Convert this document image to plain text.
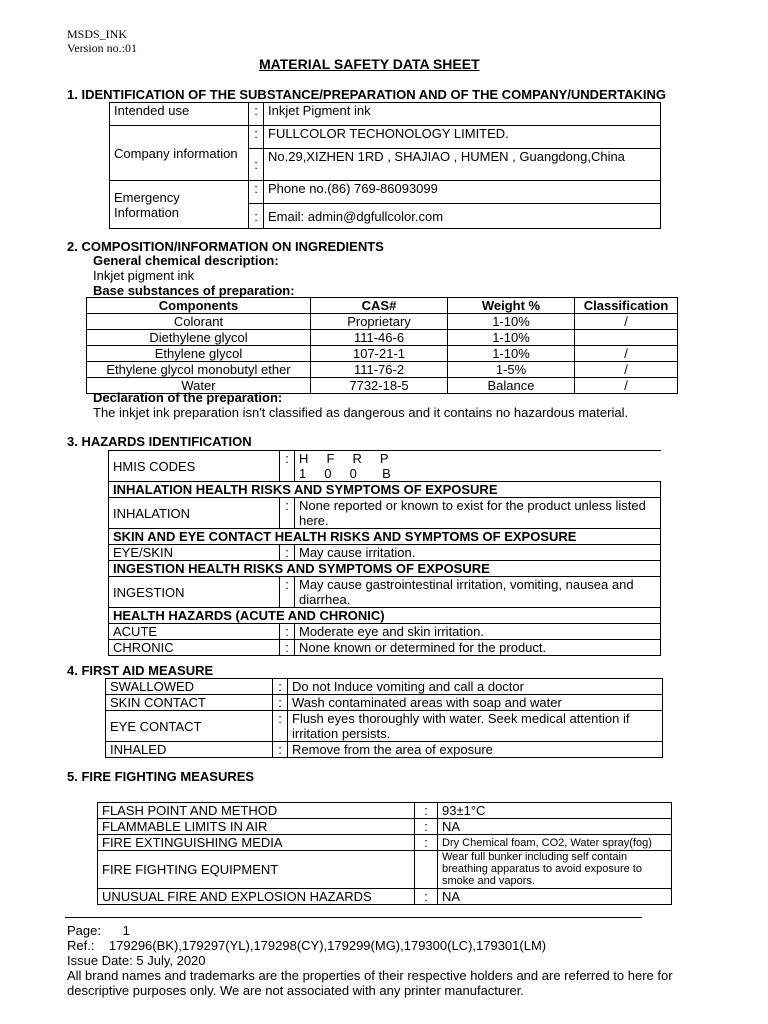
MSDS_INK
Version no.:01
MATERIAL SAFETY DATA SHEET
1. IDENTIFICATION OF THE SUBSTANCE/PREPARATION AND OF THE COMPANY/UNDERTAKING
Intended use	:	Inkjet Pigment ink
Company information	:	FULLCOLOR TECHONOLOGY LIMITED.
	:	No.29,XIZHEN 1RD , SHAJIAO , HUMEN , Guangdong,China
Emergency Information	:	Phone no.(86) 769-86093099
	:	Email: admin@dgfullcolor.com
2. COMPOSITION/INFORMATION ON INGREDIENTS
General chemical description:
Inkjet pigment ink
Base substances of preparation:
Components	CAS#	Weight %	Classification
Colorant	Proprietary	1-10%	/
Diethylene glycol	111-46-6	1-10%	
Ethylene glycol	107-21-1	1-10%	/
Ethylene glycol monobutyl ether	111-76-2	1-5%	/
Water	7732-18-5	Balance	/
Declaration of the preparation:
The inkjet ink preparation isn't classified as dangerous and it contains no hazardous material.
3. HAZARDS IDENTIFICATION
HMIS CODES	:	H     F     R     P
1     0     0       B

INHALATION HEALTH RISKS AND SYMPTOMS OF EXPOSURE		
INHALATION	:	None reported or known to exist for the product unless listed here.
SKIN AND EYE CONTACT HEALTH RISKS AND SYMPTOMS OF EXPOSURE		
EYE/SKIN	:	May cause irritation.
INGESTION HEALTH RISKS AND SYMPTOMS OF EXPOSURE		
INGESTION	:	May cause gastrointestinal irritation, vomiting, nausea and diarrhea.
HEALTH HAZARDS (ACUTE AND CHRONIC)		
ACUTE	:	Moderate eye and skin irritation.
CHRONIC	:	None known or determined for the product.
4. FIRST AID MEASURE
SWALLOWED	:	Do not Induce vomiting and call a doctor
SKIN CONTACT	:	Wash contaminated areas with soap and water
EYE CONTACT	:	Flush eyes thoroughly with water. Seek medical attention if irritation persists.
INHALED	:	Remove from the area of exposure
5. FIRE FIGHTING MEASURES
FLASH POINT AND METHOD	:	93±1°C
FLAMMABLE LIMITS IN AIR	:	NA
FIRE EXTINGUISHING MEDIA	:	Dry Chemical foam, CO2, Water spray(fog)
FIRE FIGHTING EQUIPMENT		Wear full bunker including self contain breathing apparatus to avoid exposure to smoke and vapors.
UNUSUAL FIRE AND EXPLOSION HAZARDS	:	NA
Page:      1
Ref.:    179296(BK),179297(YL),179298(CY),179299(MG),179300(LC),179301(LM)
Issue Date: 5 July, 2020
All brand names and trademarks are the properties of their respective holders and are referred to here for descriptive purposes only. We are not associated with any printer manufacturer.
